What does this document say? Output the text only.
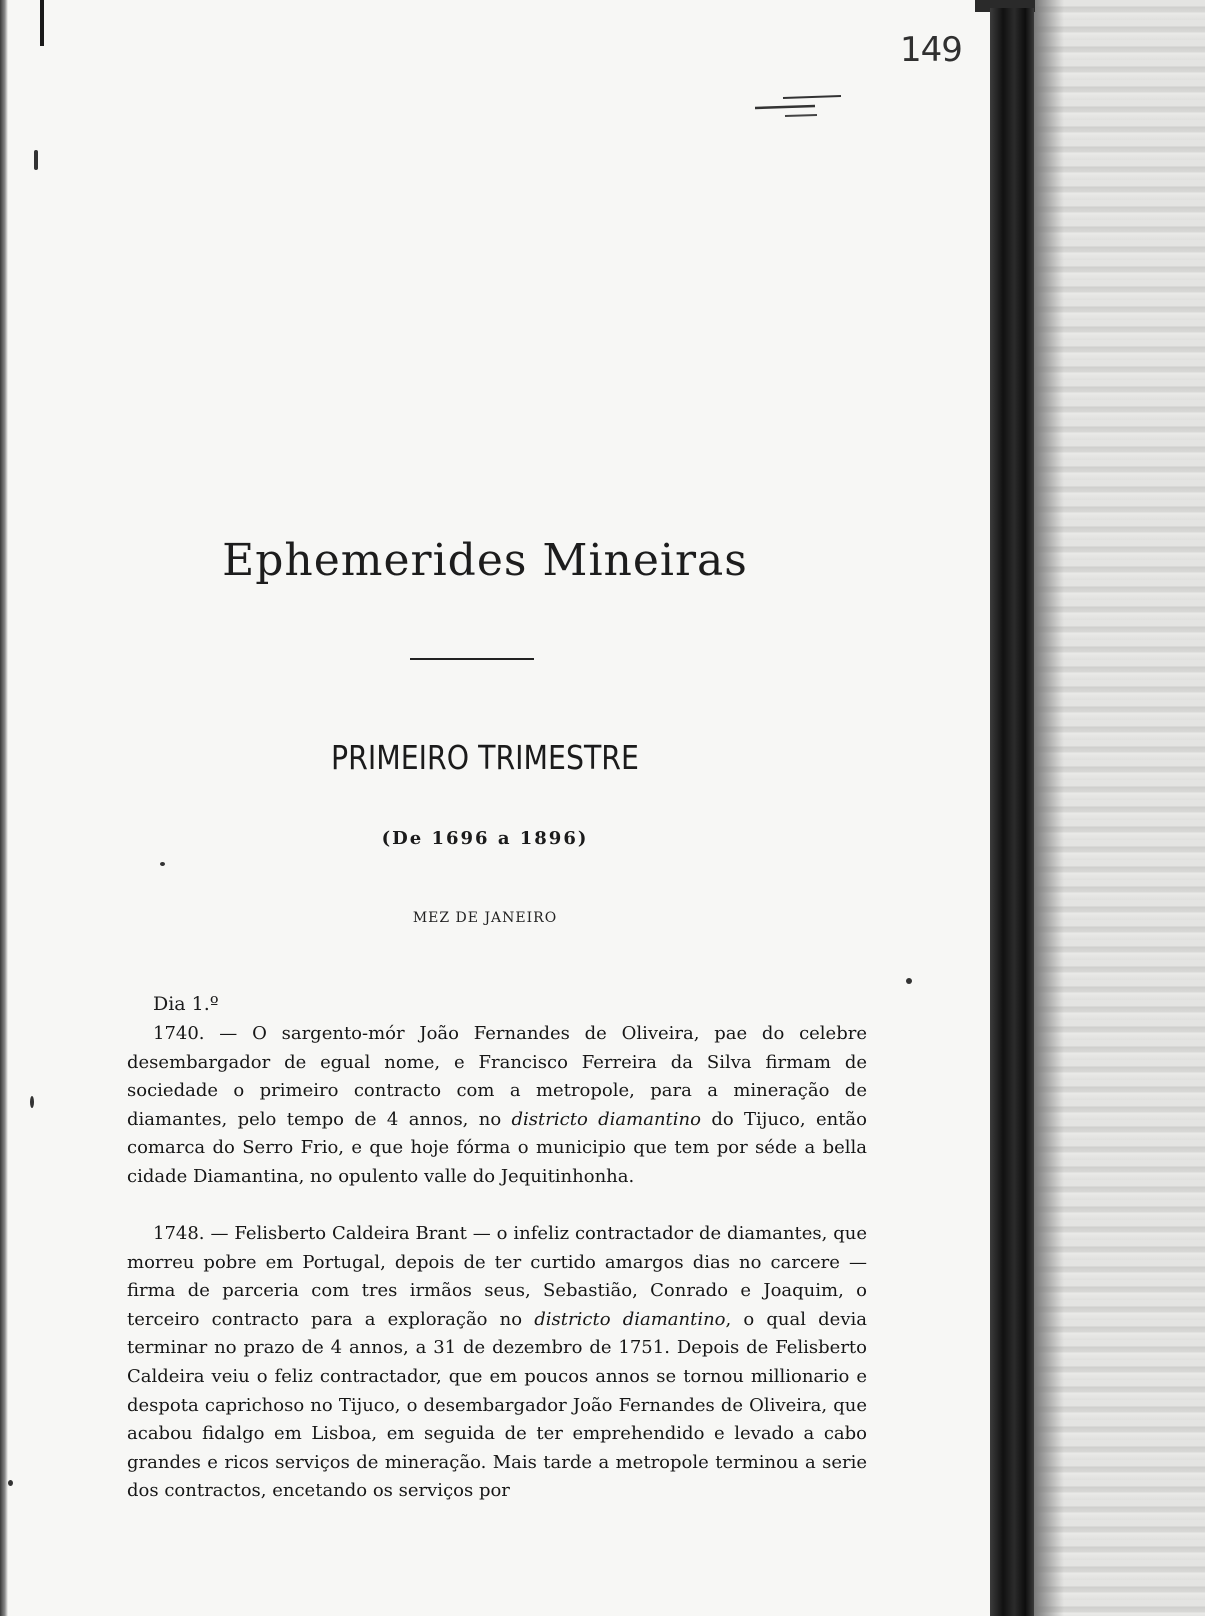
149
Ephemerides Mineiras
PRIMEIRO TRIMESTRE
(De 1696 a 1896)
MEZ DE JANEIRO
Dia 1.º
1740. — O sargento-mór João Fernandes de Oliveira, pae do celebre desembargador de egual nome, e Francisco Ferreira da Silva firmam de sociedade o primeiro contracto com a metropole, para a mineração de diamantes, pelo tempo de 4 annos, no districto diamantino do Tijuco, então comarca do Serro Frio, e que hoje fórma o municipio que tem por séde a bella cidade Diamantina, no opulento valle do Jequitinhonha.
1748. — Felisberto Caldeira Brant — o infeliz contractador de diamantes, que morreu pobre em Portugal, depois de ter curtido amargos dias no carcere — firma de parceria com tres irmãos seus, Sebastião, Conrado e Joaquim, o terceiro contracto para a exploração no districto diamantino, o qual devia terminar no prazo de 4 annos, a 31 de dezembro de 1751. Depois de Felisberto Caldeira veiu o feliz contractador, que em poucos annos se tornou millionario e despota caprichoso no Tijuco, o desembargador João Fernandes de Oliveira, que acabou fidalgo em Lisboa, em seguida de ter emprehendido e levado a cabo grandes e ricos serviços de mineração. Mais tarde a metropole terminou a serie dos contractos, encetando os serviços por
